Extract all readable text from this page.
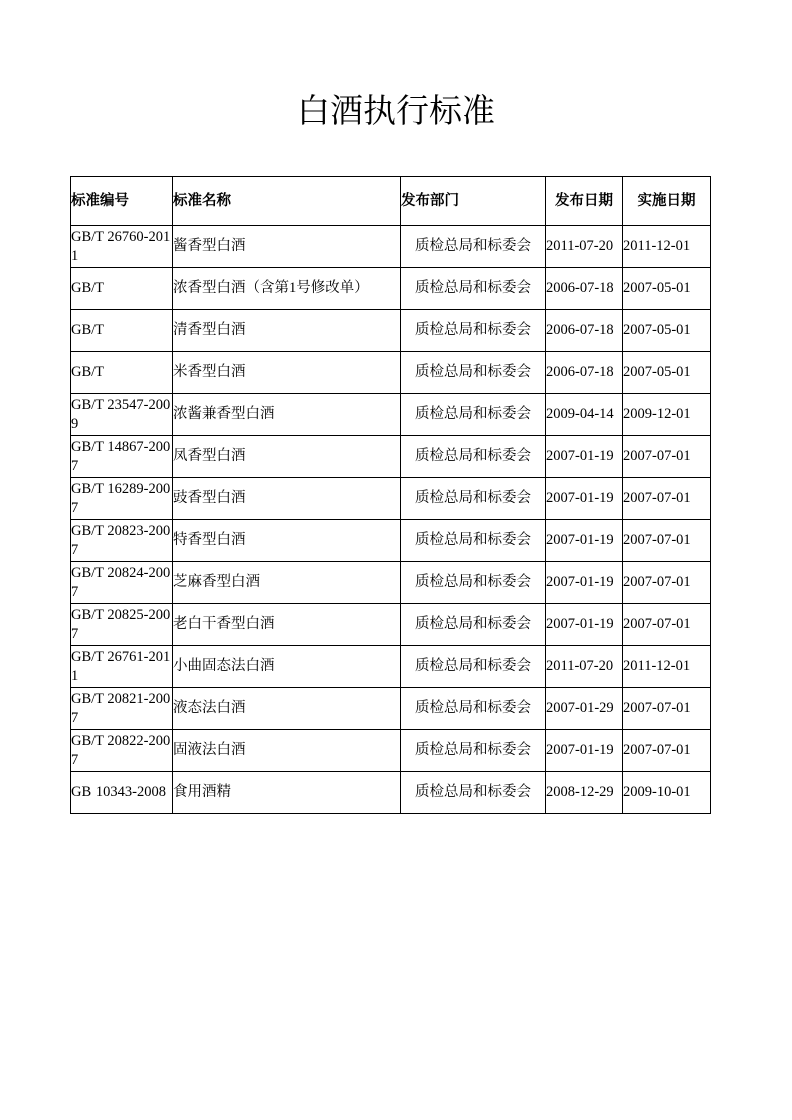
白酒执行标准
标准编号	标准名称	发布部门	发布日期	实施日期
GB/T 26760-2011	酱香型白酒	质检总局和标委会	2011-07-20	2011-12-01
GB/T	浓香型白酒（含第1号修改单）	质检总局和标委会	2006-07-18	2007-05-01
GB/T	清香型白酒	质检总局和标委会	2006-07-18	2007-05-01
GB/T	米香型白酒	质检总局和标委会	2006-07-18	2007-05-01
GB/T 23547-2009	浓酱兼香型白酒	质检总局和标委会	2009-04-14	2009-12-01
GB/T 14867-2007	凤香型白酒	质检总局和标委会	2007-01-19	2007-07-01
GB/T 16289-2007	豉香型白酒	质检总局和标委会	2007-01-19	2007-07-01
GB/T 20823-2007	特香型白酒	质检总局和标委会	2007-01-19	2007-07-01
GB/T 20824-2007	芝麻香型白酒	质检总局和标委会	2007-01-19	2007-07-01
GB/T 20825-2007	老白干香型白酒	质检总局和标委会	2007-01-19	2007-07-01
GB/T 26761-2011	小曲固态法白酒	质检总局和标委会	2011-07-20	2011-12-01
GB/T 20821-2007	液态法白酒	质检总局和标委会	2007-01-29	2007-07-01
GB/T 20822-2007	固液法白酒	质检总局和标委会	2007-01-19	2007-07-01
GB 10343-2008	食用酒精	质检总局和标委会	2008-12-29	2009-10-01
